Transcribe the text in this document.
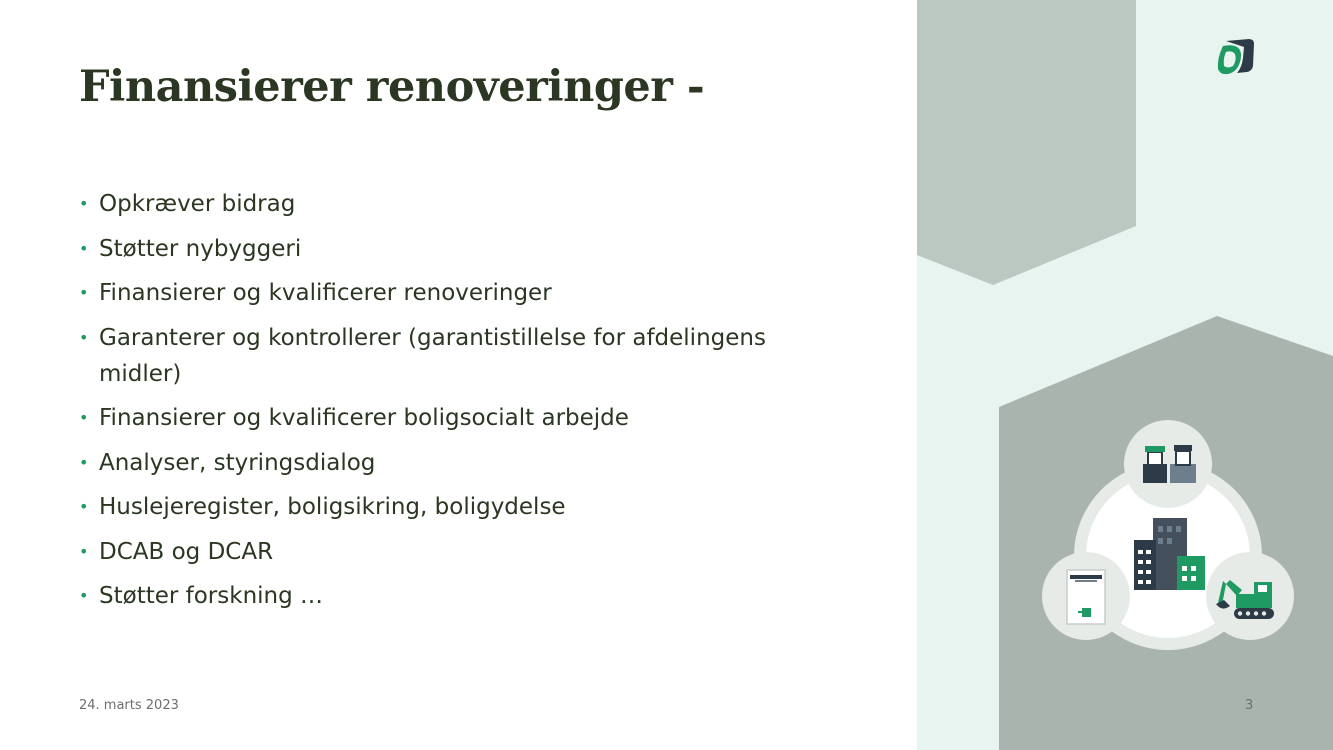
Finansierer renoveringer -
• Opkræver bidrag
• Støtter nybyggeri
• Finansierer og kvalificerer renoveringer
• Garanterer og kontrollerer (garantistillelse for afdelingens midler)
• Finansierer og kvalificerer boligsocialt arbejde
• Analyser, styringsdialog
• Huslejeregister, boligsikring, boligydelse
• DCAB og DCAR
• Støtter forskning …
24. marts 2023	3
